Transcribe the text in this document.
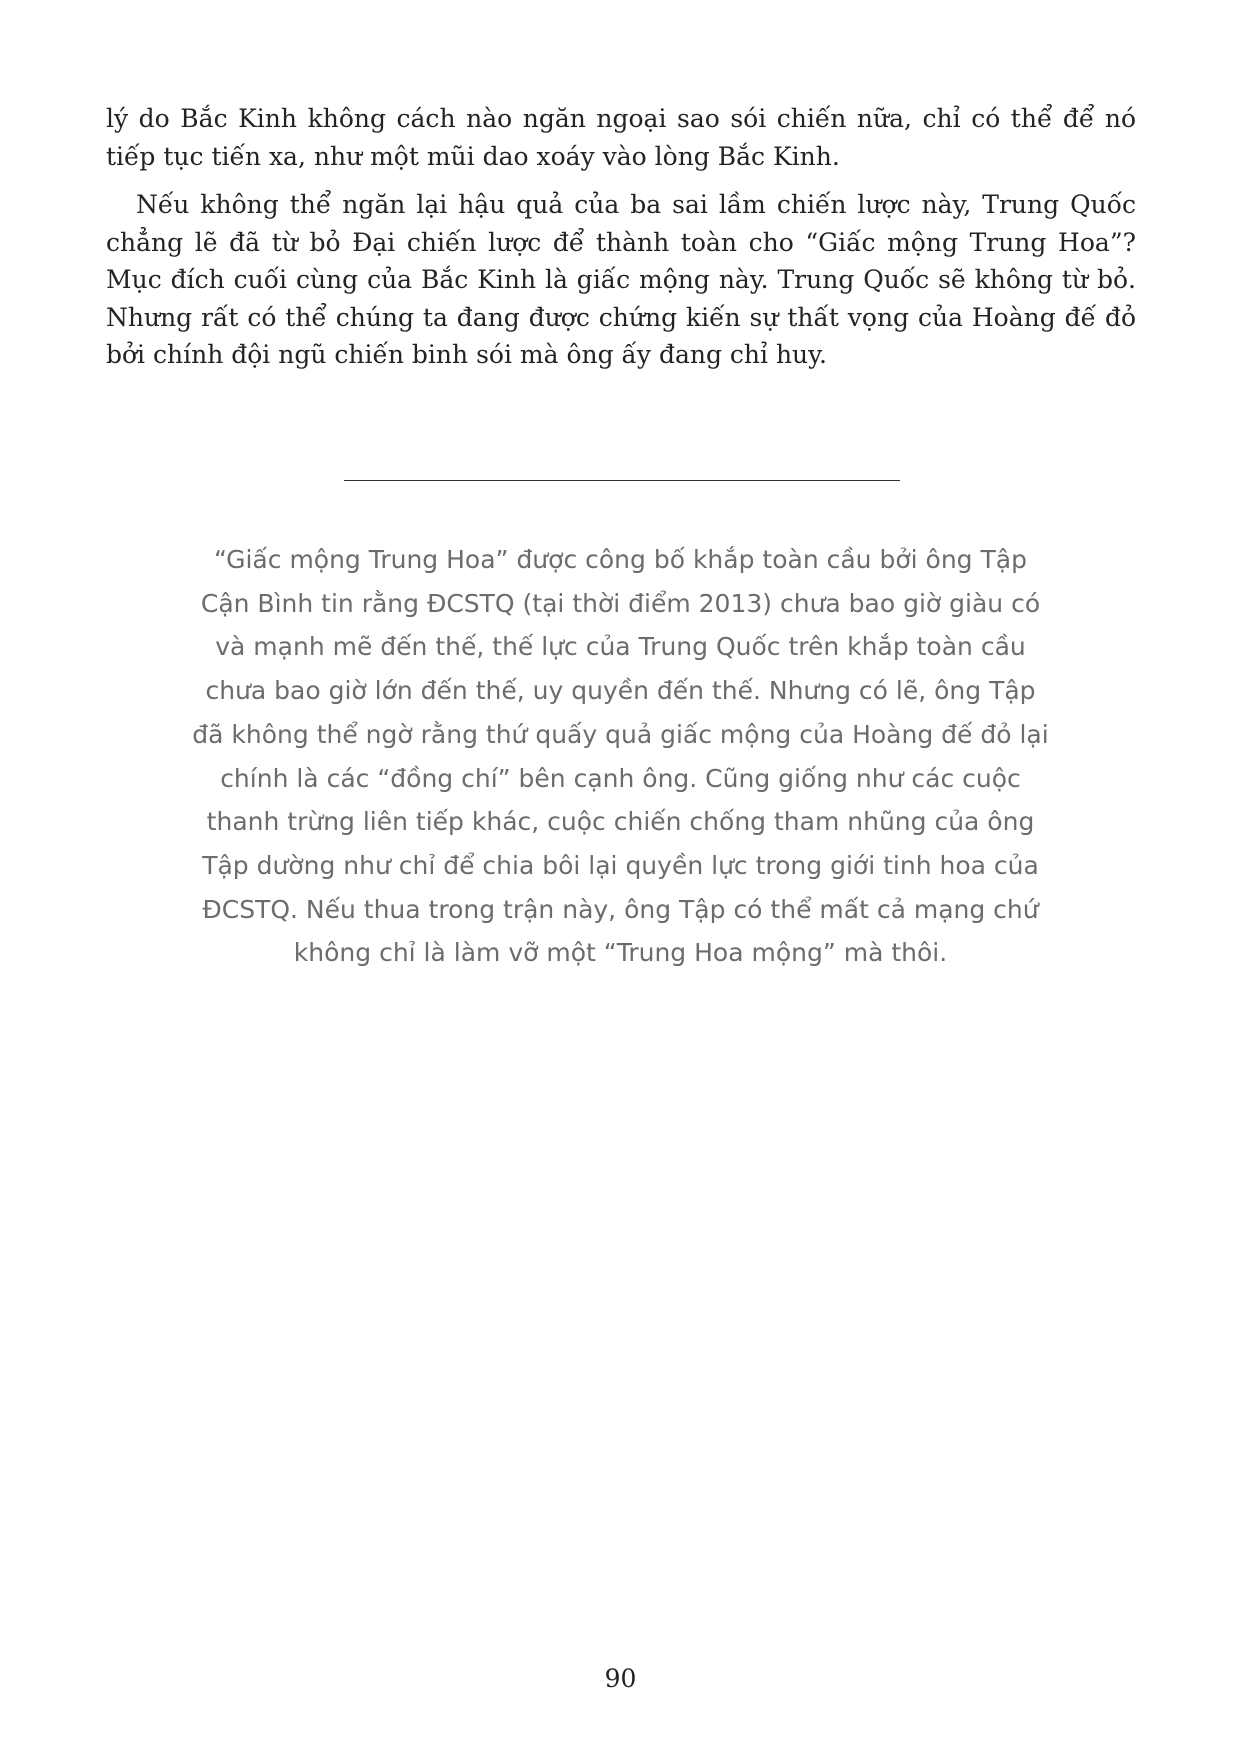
lý do Bắc Kinh không cách nào ngăn ngoại sao sói chiến nữa, chỉ có thể để nó tiếp tục tiến xa, như một mũi dao xoáy vào lòng Bắc Kinh.

Nếu không thể ngăn lại hậu quả của ba sai lầm chiến lược này, Trung Quốc chẳng lẽ đã từ bỏ Đại chiến lược để thành toàn cho “Giấc mộng Trung Hoa”? Mục đích cuối cùng của Bắc Kinh là giấc mộng này. Trung Quốc sẽ không từ bỏ. Nhưng rất có thể chúng ta đang được chứng kiến sự thất vọng của Hoàng đế đỏ bởi chính đội ngũ chiến binh sói mà ông ấy đang chỉ huy.

“Giấc mộng Trung Hoa” được công bố khắp toàn cầu bởi ông Tập Cận Bình tin rằng ĐCSTQ (tại thời điểm 2013) chưa bao giờ giàu có và mạnh mẽ đến thế, thế lực của Trung Quốc trên khắp toàn cầu chưa bao giờ lớn đến thế, uy quyền đến thế. Nhưng có lẽ, ông Tập đã không thể ngờ rằng thứ quấy quả giấc mộng của Hoàng đế đỏ lại chính là các “đồng chí” bên cạnh ông. Cũng giống như các cuộc thanh trừng liên tiếp khác, cuộc chiến chống tham nhũng của ông Tập dường như chỉ để chia bôi lại quyền lực trong giới tinh hoa của ĐCSTQ. Nếu thua trong trận này, ông Tập có thể mất cả mạng chứ không chỉ là làm vỡ một “Trung Hoa mộng” mà thôi.

90
